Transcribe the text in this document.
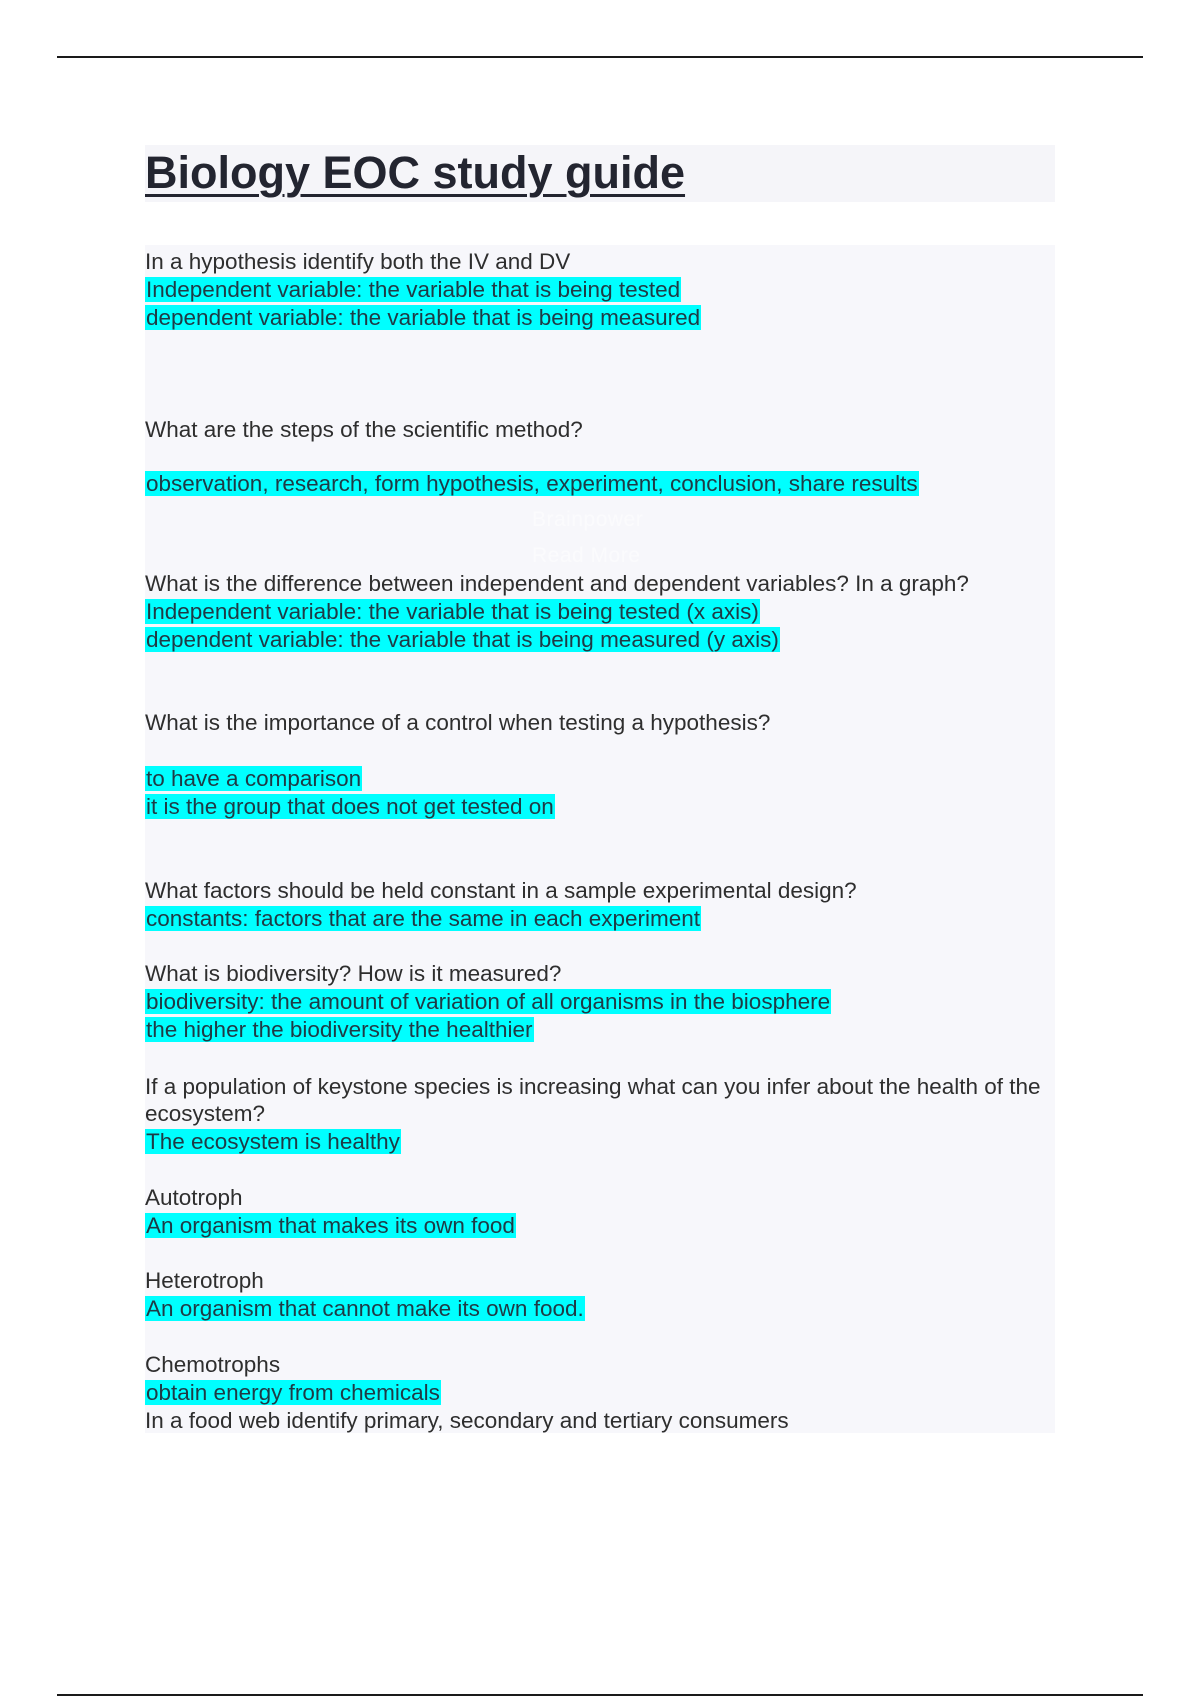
Biology EOC study guide
In a hypothesis identify both the IV and DV
Independent variable: the variable that is being tested
dependent variable: the variable that is being measured
What are the steps of the scientific method?
observation, research, form hypothesis, experiment, conclusion, share results
Brainpower
Read More
What is the difference between independent and dependent variables? In a graph?
Independent variable: the variable that is being tested (x axis)
dependent variable: the variable that is being measured (y axis)
What is the importance of a control when testing a hypothesis?
to have a comparison
it is the group that does not get tested on
What factors should be held constant in a sample experimental design?
constants: factors that are the same in each experiment
What is biodiversity? How is it measured?
biodiversity: the amount of variation of all organisms in the biosphere
the higher the biodiversity the healthier
If a population of keystone species is increasing what can you infer about the health of the ecosystem?
The ecosystem is healthy
Autotroph
An organism that makes its own food
Heterotroph
An organism that cannot make its own food.
Chemotrophs
obtain energy from chemicals
In a food web identify primary, secondary and tertiary consumers
